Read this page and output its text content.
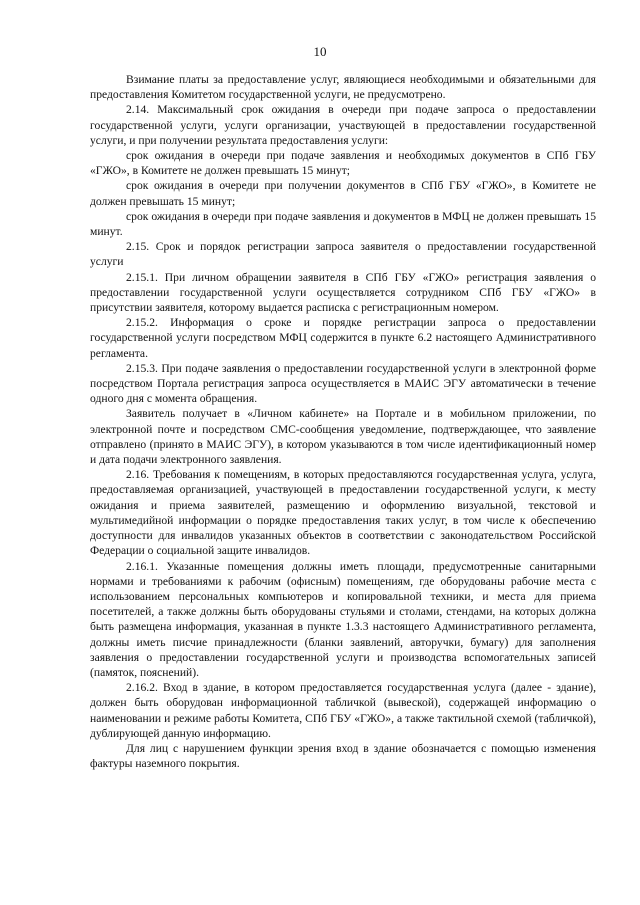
10

Взимание платы за предоставление услуг, являющиеся необходимыми и обязательными для предоставления Комитетом государственной услуги, не предусмотрено.

2.14. Максимальный срок ожидания в очереди при подаче запроса о предоставлении государственной услуги, услуги организации, участвующей в предоставлении государственной услуги, и при получении результата предоставления услуги:

срок ожидания в очереди при подаче заявления и необходимых документов в СПб ГБУ «ГЖО», в Комитете не должен превышать 15 минут;

срок ожидания в очереди при получении документов в СПб ГБУ «ГЖО», в Комитете не должен превышать 15 минут;

срок ожидания в очереди при подаче заявления и документов в МФЦ не должен превышать 15 минут.

2.15. Срок и порядок регистрации запроса заявителя о предоставлении государственной услуги

2.15.1. При личном обращении заявителя в СПб ГБУ «ГЖО» регистрация заявления о предоставлении государственной услуги осуществляется сотрудником СПб ГБУ «ГЖО» в присутствии заявителя, которому выдается расписка с регистрационным номером.

2.15.2. Информация о сроке и порядке регистрации запроса о предоставлении государственной услуги посредством МФЦ содержится в пункте 6.2 настоящего Административного регламента.

2.15.3. При подаче заявления о предоставлении государственной услуги в электронной форме посредством Портала регистрация запроса осуществляется в МАИС ЭГУ автоматически в течение одного дня с момента обращения.

Заявитель получает в «Личном кабинете» на Портале и в мобильном приложении, по электронной почте и посредством СМС-сообщения уведомление, подтверждающее, что заявление отправлено (принято в МАИС ЭГУ), в котором указываются в том числе идентификационный номер и дата подачи электронного заявления.

2.16. Требования к помещениям, в которых предоставляются государственная услуга, услуга, предоставляемая организацией, участвующей в предоставлении государственной услуги, к месту ожидания и приема заявителей, размещению и оформлению визуальной, текстовой и мультимедийной информации о порядке предоставления таких услуг, в том числе к обеспечению доступности для инвалидов указанных объектов в соответствии с законодательством Российской Федерации о социальной защите инвалидов.

2.16.1. Указанные помещения должны иметь площади, предусмотренные санитарными нормами и требованиями к рабочим (офисным) помещениям, где оборудованы рабочие места с использованием персональных компьютеров и копировальной техники, и места для приема посетителей, а также должны быть оборудованы стульями и столами, стендами, на которых должна быть размещена информация, указанная в пункте 1.3.3 настоящего Административного регламента, должны иметь писчие принадлежности (бланки заявлений, авторучки, бумагу) для заполнения заявления о предоставлении государственной услуги и производства вспомогательных записей (памяток, пояснений).

2.16.2. Вход в здание, в котором предоставляется государственная услуга (далее - здание), должен быть оборудован информационной табличкой (вывеской), содержащей информацию о наименовании и режиме работы Комитета, СПб ГБУ «ГЖО», а также тактильной схемой (табличкой), дублирующей данную информацию.

Для лиц с нарушением функции зрения вход в здание обозначается с помощью изменения фактуры наземного покрытия.
